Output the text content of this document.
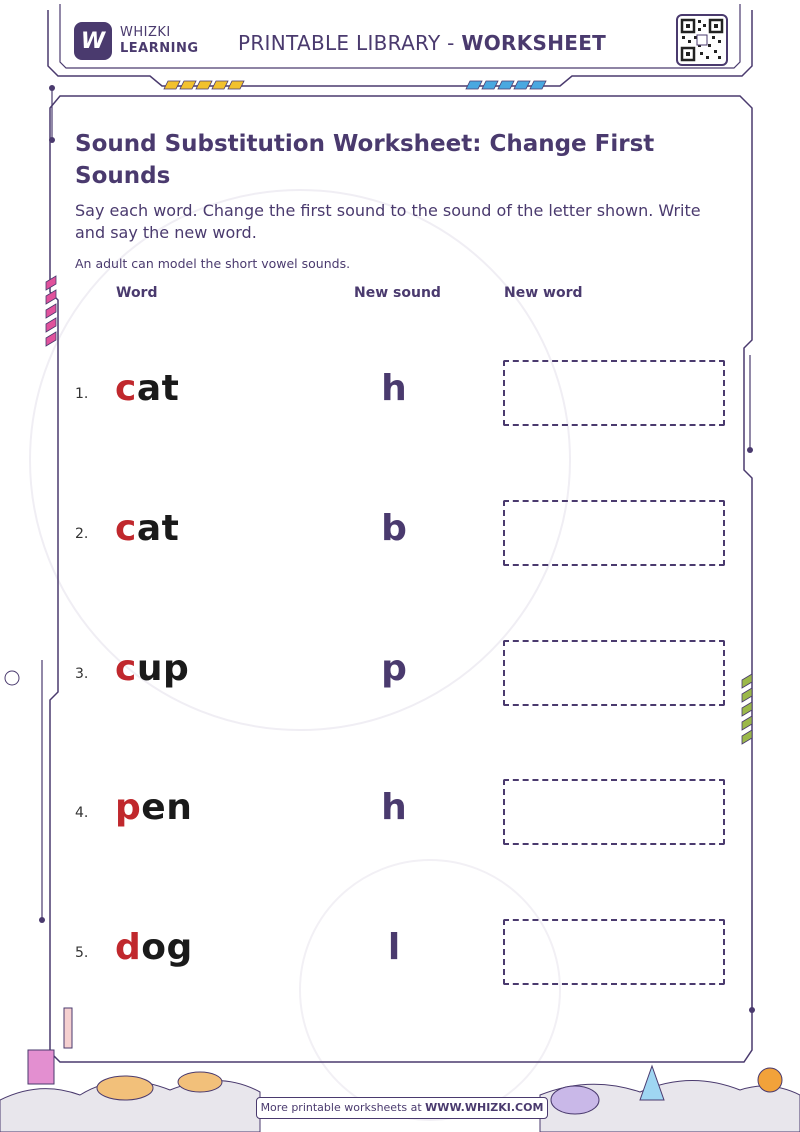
W WHIZKI
LEARNING PRINTABLE LIBRARY - WORKSHEET
Sound Substitution Worksheet: Change First Sounds
Say each word. Change the first sound to the sound of the letter shown. Write and say the new word.
An adult can model the short vowel sounds.
Word	New sound	New word
1. cat	h
2. cat	b
3. cup	p
4. pen	h
5. dog	l
More printable worksheets at WWW.WHIZKI.COM
